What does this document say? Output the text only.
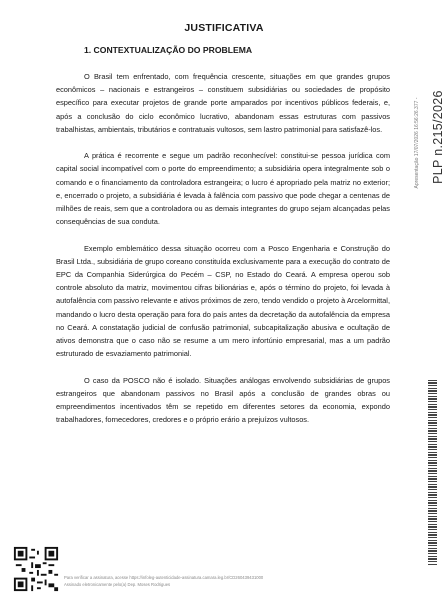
JUSTIFICATIVA
1. CONTEXTUALIZAÇÃO DO PROBLEMA

O Brasil tem enfrentado, com frequência crescente, situações em que grandes grupos econômicos – nacionais e estrangeiros – constituem subsidiárias ou sociedades de propósito específico para executar projetos de grande porte amparados por incentivos públicos federais, e, após a conclusão do ciclo econômico lucrativo, abandonam essas estruturas com passivos trabalhistas, ambientais, tributários e contratuais vultosos, sem lastro patrimonial para satisfazê-los.

A prática é recorrente e segue um padrão reconhecível: constitui-se pessoa jurídica com capital social incompatível com o porte do empreendimento; a subsidiária opera integralmente sob o comando e o financiamento da controladora estrangeira; o lucro é apropriado pela matriz no exterior; e, encerrado o projeto, a subsidiária é levada à falência com passivo que pode chegar a centenas de milhões de reais, sem que a controladora ou as demais integrantes do grupo sejam alcançadas pelas consequências de sua conduta.

Exemplo emblemático dessa situação ocorreu com a Posco Engenharia e Construção do Brasil Ltda., subsidiária de grupo coreano constituída exclusivamente para a execução do contrato de EPC da Companhia Siderúrgica do Pecém – CSP, no Estado do Ceará. A empresa operou sob controle absoluto da matriz, movimentou cifras bilionárias e, após o término do projeto, foi levada à autofalência com passivo relevante e ativos próximos de zero, tendo vendido o projeto à Arcelormittal, mandando o lucro desta operação para fora do país antes da decretação da autofalência da empresa no Ceará. A constatação judicial de confusão patrimonial, subcapitalização abusiva e ocultação de ativos demonstra que o caso não se resume a um mero infortúnio empresarial, mas a um padrão estruturado de esvaziamento patrimonial.

O caso da POSCO não é isolado. Situações análogas envolvendo subsidiárias de grupos estrangeiros que abandonam passivos no Brasil após a conclusão de grandes obras ou empreendimentos incentivados têm se repetido em diferentes setores da economia, expondo trabalhadores, fornecedores, credores e o próprio erário a prejuízos vultosos.

Apresentação 17/07/2026 16:56:26.377 - PLP n.215/2026
Para verificar a assinatura, acesse https://infoleg-autenticidade-assinatura.camara.leg.br/CD260439431000
Assinado eletronicamente pelo(a) Dep. Moses Rodrigues
